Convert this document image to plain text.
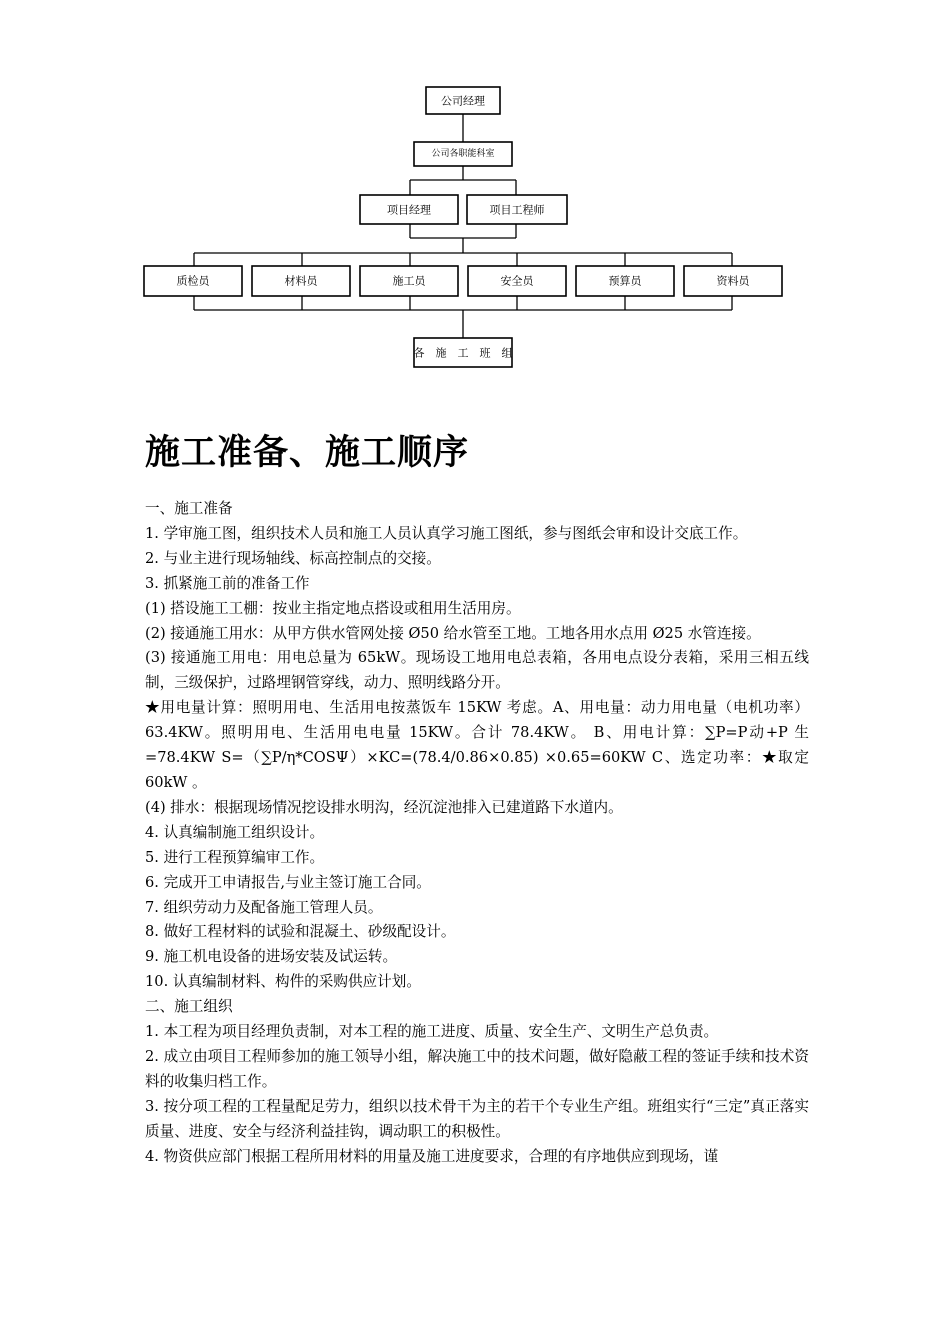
公司经理
公司各职能科室
项目经理	项目工程师
质检员	材料员	施工员	安全员	预算员	资料员
各　施　工　班　组
施工准备、施工顺序

一、施工准备

1. 学审施工图，组织技术人员和施工人员认真学习施工图纸，参与图纸会审和设计交底工作。

2. 与业主进行现场轴线、标高控制点的交接。

3. 抓紧施工前的准备工作

(1) 搭设施工工棚：按业主指定地点搭设或租用生活用房。

(2) 接通施工用水：从甲方供水管网处接 Ø50 给水管至工地。工地各用水点用 Ø25 水管连接。

(3) 接通施工用电：用电总量为 65kW。现场设工地用电总表箱，各用电点设分表箱，采用三相五线制，三级保护，过路埋钢管穿线，动力、照明线路分开。

★用电量计算：照明用电、生活用电按蒸饭车 15KW 考虑。A、用电量：动力用电量（电机功率）63.4KW。照明用电、生活用电电量 15KW。合计 78.4KW。 B、用电计算：∑P=P动+P 生=78.4KW S=（∑P/η*COSΨ）×KC=(78.4/0.86×0.85) ×0.65=60KW C、选定功率：★取定 60kW 。

(4) 排水：根据现场情况挖设排水明沟，经沉淀池排入已建道路下水道内。

4. 认真编制施工组织设计。

5. 进行工程预算编审工作。

6. 完成开工申请报告,与业主签订施工合同。

7. 组织劳动力及配备施工管理人员。

8. 做好工程材料的试验和混凝土、砂级配设计。

9. 施工机电设备的进场安装及试运转。

10. 认真编制材料、构件的采购供应计划。

二、施工组织

1. 本工程为项目经理负责制，对本工程的施工进度、质量、安全生产、文明生产总负责。

2. 成立由项目工程师参加的施工领导小组，解决施工中的技术问题，做好隐蔽工程的签证手续和技术资料的收集归档工作。

3. 按分项工程的工程量配足劳力，组织以技术骨干为主的若干个专业生产组。班组实行“三定”真正落实质量、进度、安全与经济利益挂钩，调动职工的积极性。

4. 物资供应部门根据工程所用材料的用量及施工进度要求，合理的有序地供应到现场，谨
